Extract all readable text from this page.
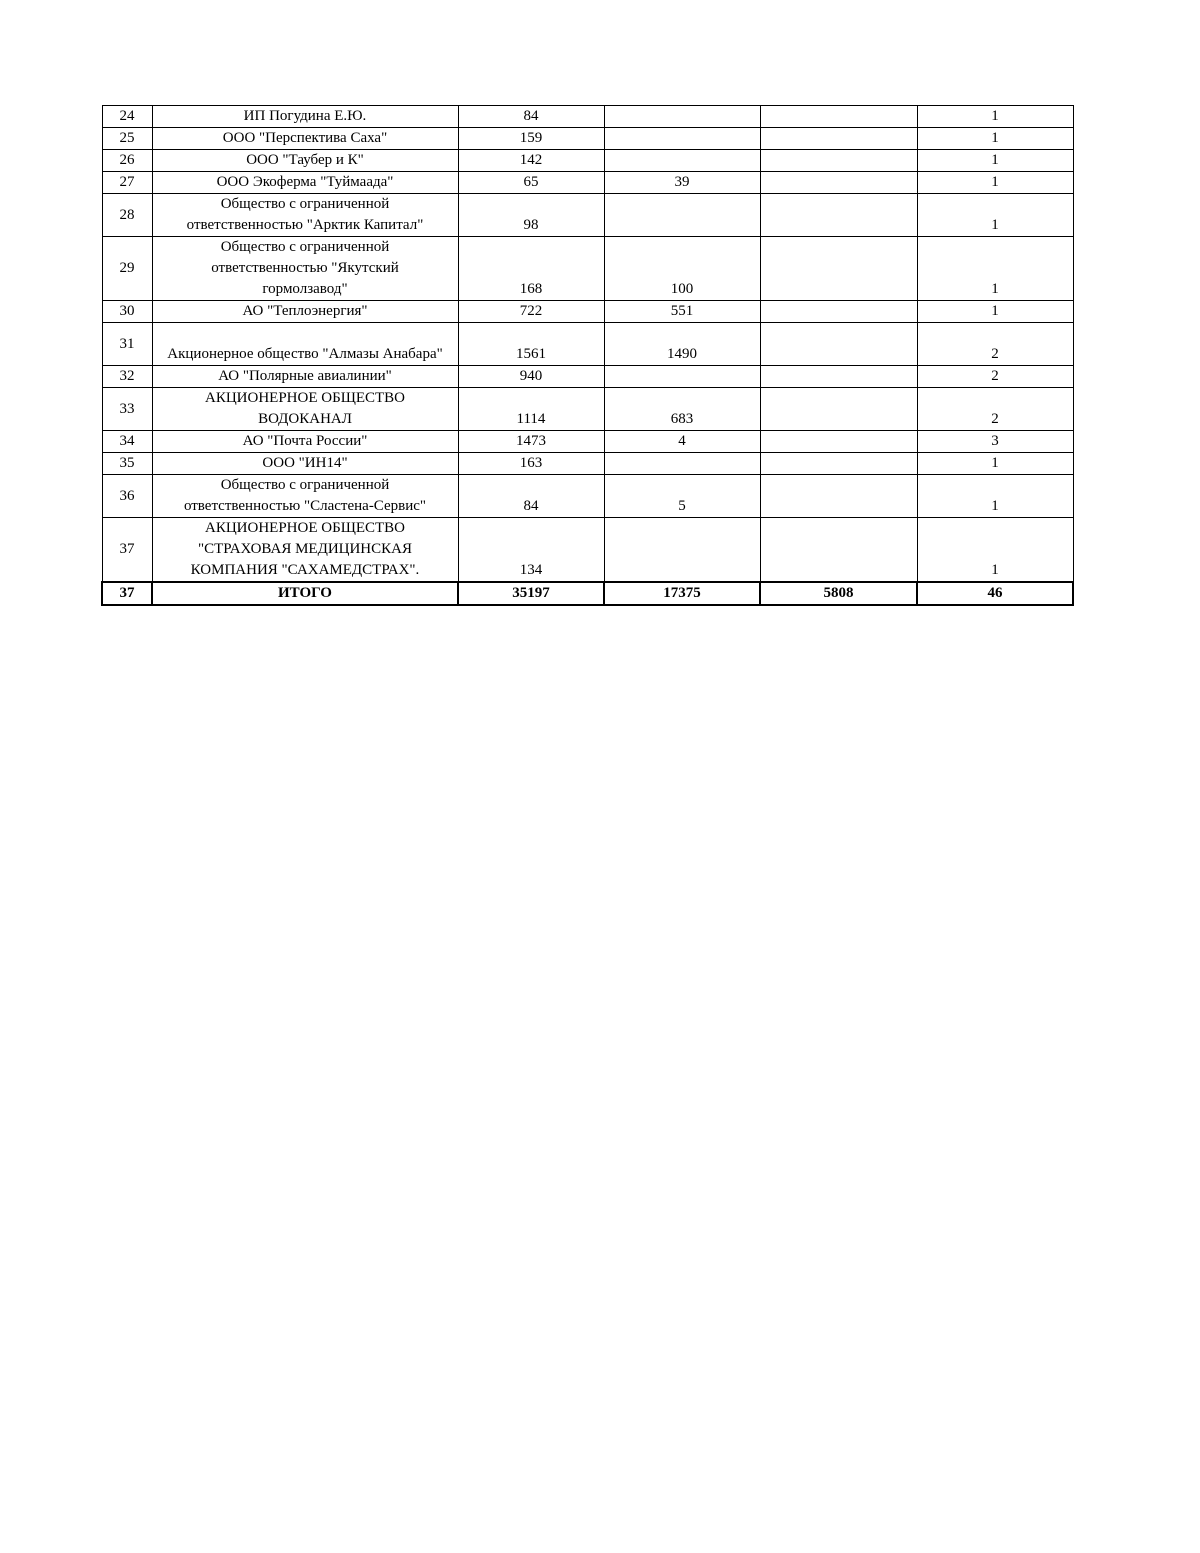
24	ИП Погудина Е.Ю.	84			1
25	ООО "Перспектива Саха"	159			1
26	ООО "Таубер и К"	142			1
27	ООО Экоферма "Туймаада"	65	39		1
28	Общество с ограниченной
ответственностью "Арктик Капитал"	98			1
29	Общество с ограниченной
ответственностью "Якутский
гормолзавод"	168	100		1
30	АО "Теплоэнергия"	722	551		1
31	Акционерное общество "Алмазы Анабара"	1561	1490		2
32	АО "Полярные авиалинии"	940			2
33	АКЦИОНЕРНОЕ ОБЩЕСТВО
ВОДОКАНАЛ	1114	683		2
34	АО "Почта России"	1473	4		3
35	ООО "ИН14"	163			1
36	Общество с ограниченной
ответственностью "Сластена-Сервис"	84	5		1
37	АКЦИОНЕРНОЕ ОБЩЕСТВО
"СТРАХОВАЯ МЕДИЦИНСКАЯ
КОМПАНИЯ "САХАМЕДСТРАХ".	134			1
37	ИТОГО	35197	17375	5808	46
